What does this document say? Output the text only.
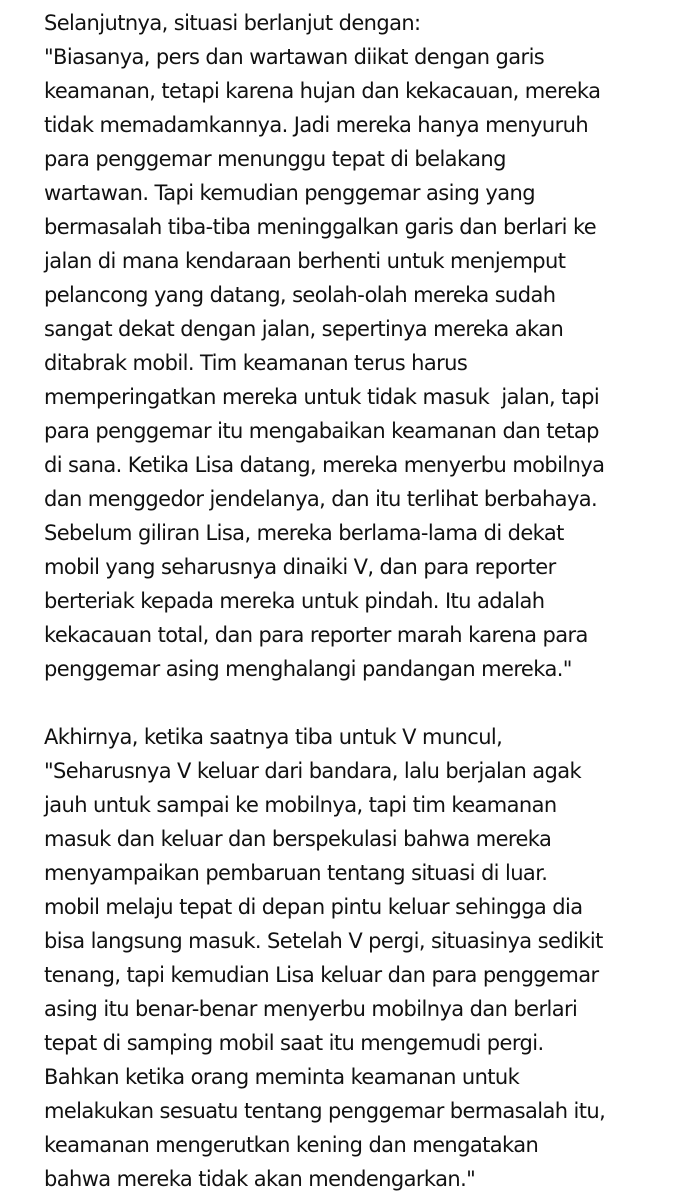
Selanjutnya, situasi berlanjut dengan:
"Biasanya, pers dan wartawan diikat dengan garis
keamanan, tetapi karena hujan dan kekacauan, mereka
tidak memadamkannya. Jadi mereka hanya menyuruh
para penggemar menunggu tepat di belakang
wartawan. Tapi kemudian penggemar asing yang
bermasalah tiba-tiba meninggalkan garis dan berlari ke
jalan di mana kendaraan berhenti untuk menjemput
pelancong yang datang, seolah-olah mereka sudah
sangat dekat dengan jalan, sepertinya mereka akan
ditabrak mobil. Tim keamanan terus harus
memperingatkan mereka untuk tidak masuk  jalan, tapi
para penggemar itu mengabaikan keamanan dan tetap
di sana. Ketika Lisa datang, mereka menyerbu mobilnya
dan menggedor jendelanya, dan itu terlihat berbahaya.
Sebelum giliran Lisa, mereka berlama-lama di dekat
mobil yang seharusnya dinaiki V, dan para reporter
berteriak kepada mereka untuk pindah. Itu adalah
kekacauan total, dan para reporter marah karena para
penggemar asing menghalangi pandangan mereka."
Akhirnya, ketika saatnya tiba untuk V muncul,
"Seharusnya V keluar dari bandara, lalu berjalan agak
jauh untuk sampai ke mobilnya, tapi tim keamanan
masuk dan keluar dan berspekulasi bahwa mereka
menyampaikan pembaruan tentang situasi di luar.
mobil melaju tepat di depan pintu keluar sehingga dia
bisa langsung masuk. Setelah V pergi, situasinya sedikit
tenang, tapi kemudian Lisa keluar dan para penggemar
asing itu benar-benar menyerbu mobilnya dan berlari
tepat di samping mobil saat itu mengemudi pergi.
Bahkan ketika orang meminta keamanan untuk
melakukan sesuatu tentang penggemar bermasalah itu,
keamanan mengerutkan kening dan mengatakan
bahwa mereka tidak akan mendengarkan."
